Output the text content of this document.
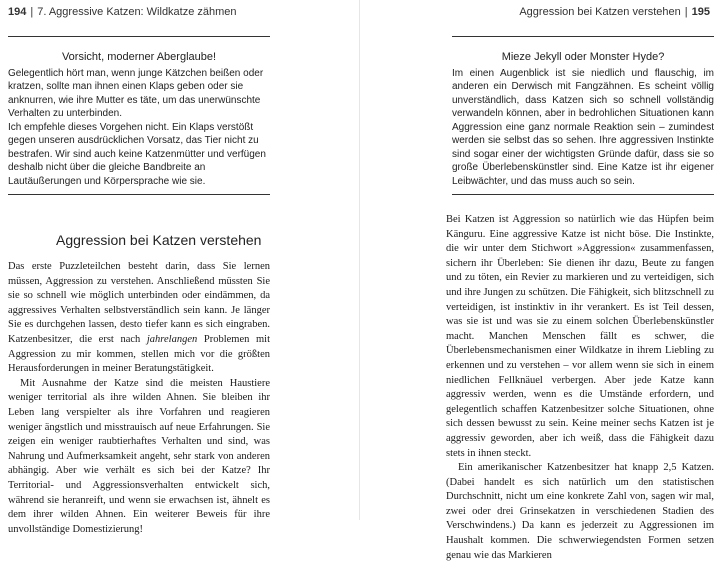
194 | 7. Aggressive Katzen: Wildkatze zähmen
Vorsicht, moderner Aberglaube!

Gelegentlich hört man, wenn junge Kätzchen beißen oder kratzen, sollte man ihnen einen Klaps geben oder sie anknurren, wie ihre Mutter es täte, um das unerwünschte Verhalten zu unterbinden.

Ich empfehle dieses Vorgehen nicht. Ein Klaps verstößt gegen unseren ausdrücklichen Vorsatz, das Tier nicht zu bestrafen. Wir sind auch keine Katzenmütter und verfügen deshalb nicht über die gleiche Bandbreite an Lautäußerungen und Körpersprache wie sie.

Aggression bei Katzen verstehen

Das erste Puzzleteilchen besteht darin, dass Sie lernen müssen, Aggression zu verstehen. Anschließend müssten Sie sie so schnell wie möglich unterbinden oder eindämmen, da aggressives Verhalten selbstverständlich sein kann. Je länger Sie es durchgehen lassen, desto tiefer kann es sich eingraben. Katzenbesitzer, die erst nach jahrelangen Problemen mit Aggression zu mir kommen, stellen mich vor die größten Herausforderungen in meiner Beratungstätigkeit.

Mit Ausnahme der Katze sind die meisten Haustiere weniger territorial als ihre wilden Ahnen. Sie bleiben ihr Leben lang verspielter als ihre Vorfahren und reagieren weniger ängstlich und misstrauisch auf neue Erfahrungen. Sie zeigen ein weniger raubtierhaftes Verhalten und sind, was Nahrung und Aufmerksamkeit angeht, sehr stark von anderen abhängig. Aber wie verhält es sich bei der Katze? Ihr Territorial- und Aggressionsverhalten entwickelt sich, während sie heranreift, und wenn sie erwachsen ist, ähnelt es dem ihrer wilden Ahnen. Ein weiterer Beweis für ihre unvollständige Domestizierung!

Aggression bei Katzen verstehen | 195
Mieze Jekyll oder Monster Hyde?

Im einen Augenblick ist sie niedlich und flauschig, im anderen ein Derwisch mit Fangzähnen. Es scheint völlig unverständlich, dass Katzen sich so schnell vollständig verwandeln können, aber in bedrohlichen Situationen kann Aggression eine ganz normale Reaktion sein – zumindest werden sie selbst das so sehen. Ihre aggressiven Instinkte sind sogar einer der wichtigsten Gründe dafür, dass sie so große Überlebenskünstler sind. Eine Katze ist ihr eigener Leibwächter, und das muss auch so sein.

Bei Katzen ist Aggression so natürlich wie das Hüpfen beim Känguru. Eine aggressive Katze ist nicht böse. Die Instinkte, die wir unter dem Stichwort »Aggression« zusammenfassen, sichern ihr Überleben: Sie dienen ihr dazu, Beute zu fangen und zu töten, ein Revier zu markieren und zu verteidigen, sich und ihre Jungen zu schützen. Die Fähigkeit, sich blitzschnell zu verteidigen, ist instinktiv in ihr verankert. Es ist Teil dessen, was sie ist und was sie zu einem solchen Überlebenskünstler macht. Manchen Menschen fällt es schwer, die Überlebensmechanismen einer Wildkatze in ihrem Liebling zu erkennen und zu verstehen – vor allem wenn sie sich in einem niedlichen Fellknäuel verbergen. Aber jede Katze kann aggressiv werden, wenn es die Umstände erfordern, und gelegentlich schaffen Katzenbesitzer solche Situationen, ohne sich dessen bewusst zu sein. Keine meiner sechs Katzen ist je aggressiv geworden, aber ich weiß, dass die Fähigkeit dazu stets in ihnen steckt.

Ein amerikanischer Katzenbesitzer hat knapp 2,5 Katzen. (Dabei handelt es sich natürlich um den statistischen Durchschnitt, nicht um eine konkrete Zahl von, sagen wir mal, zwei oder drei Grinsekatzen in verschiedenen Stadien des Verschwindens.) Da kann es jederzeit zu Aggressionen im Haushalt kommen. Die schwerwiegendsten Formen setzen genau wie das Markieren
